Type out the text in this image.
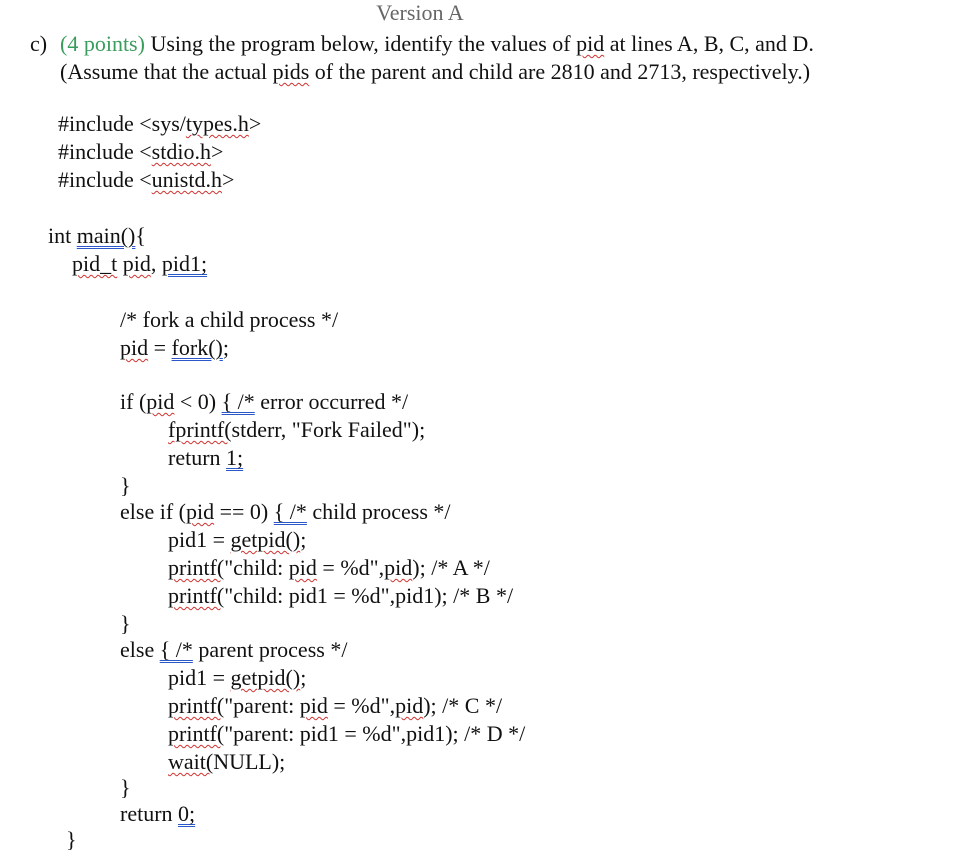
Version A
c) (4 points) Using the program below, identify the values of pid at lines A, B, C, and D.
(Assume that the actual pids of the parent and child are 2810 and 2713, respectively.)
#include <sys/types.h>
#include <stdio.h>
#include <unistd.h>
int main(){
pid_t pid, pid1;
/* fork a child process */
pid = fork();
if (pid < 0) { /* error occurred */
fprintf(stderr, "Fork Failed");
return 1;
}
else if (pid == 0) { /* child process */
pid1 = getpid();
printf("child: pid = %d",pid); /* A */
printf("child: pid1 = %d",pid1); /* B */
}
else { /* parent process */
pid1 = getpid();
printf("parent: pid = %d",pid); /* C */
printf("parent: pid1 = %d",pid1); /* D */
wait(NULL);
}
return 0;
}
